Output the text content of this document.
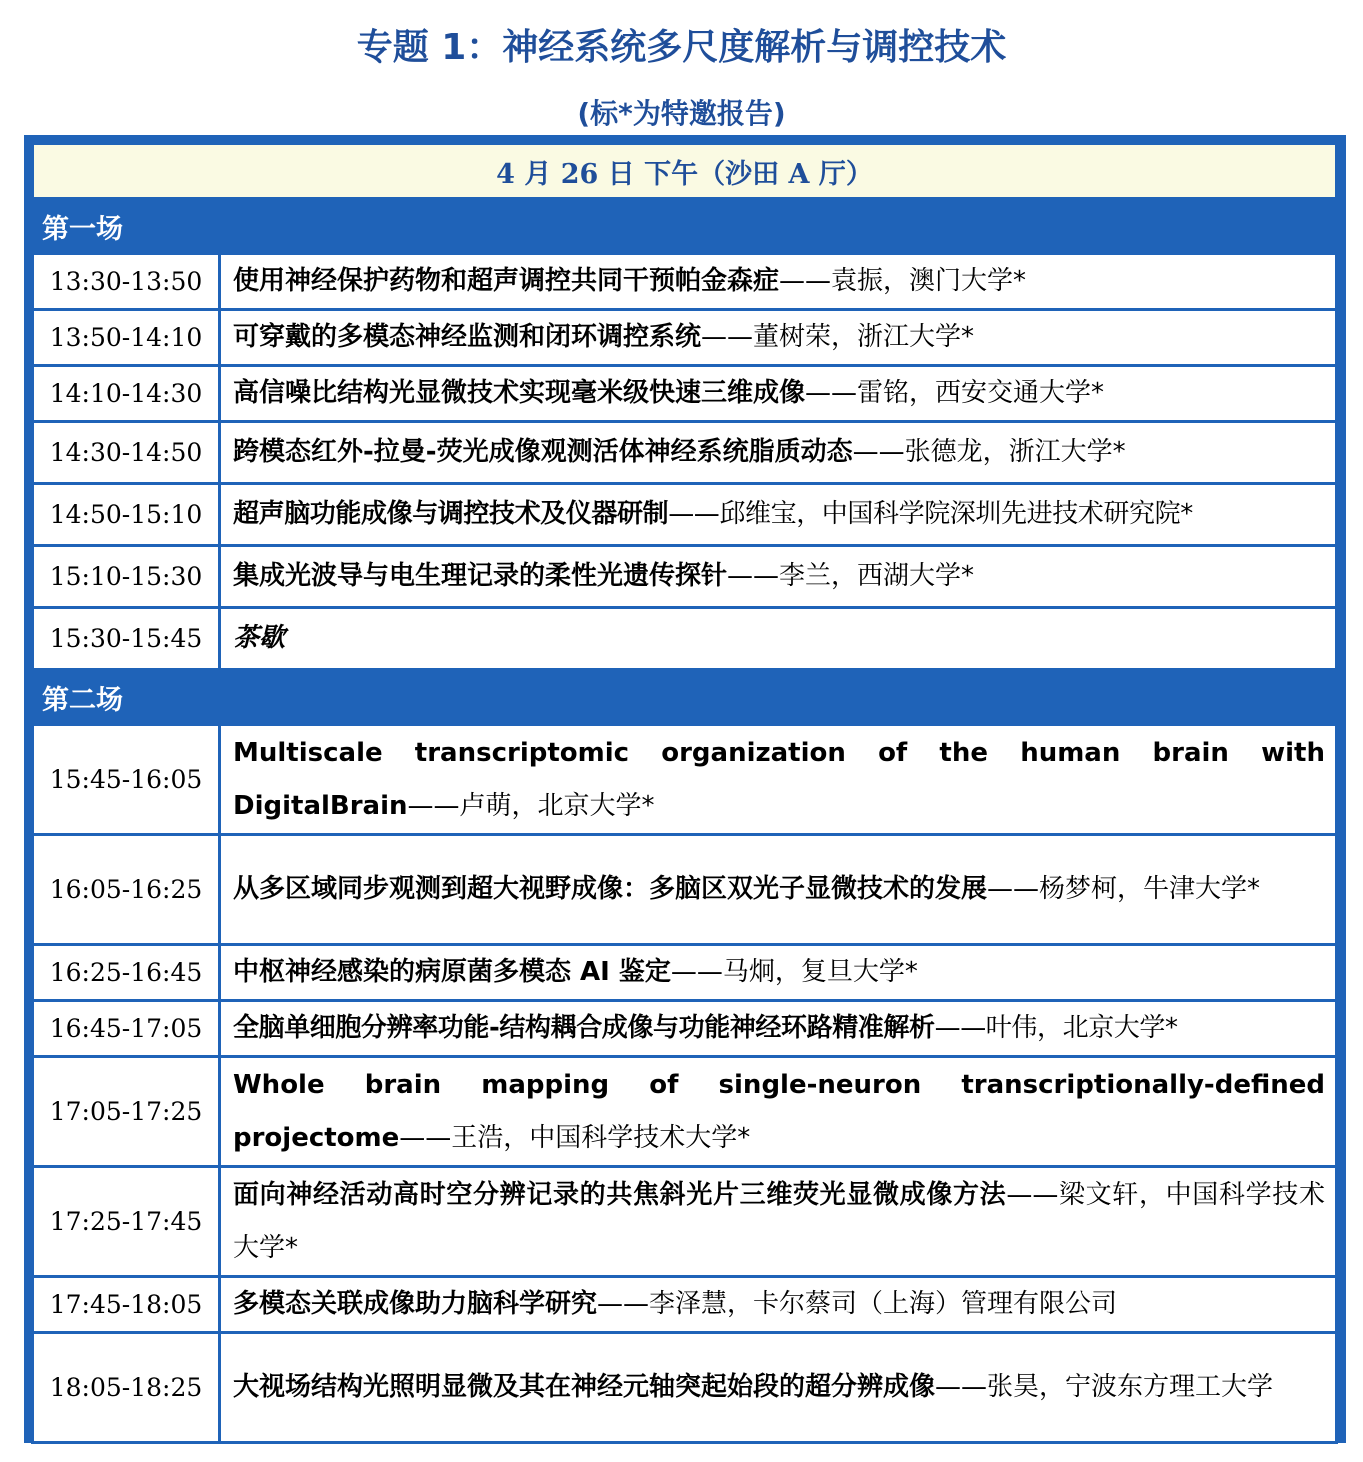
专题 1：神经系统多尺度解析与调控技术
(标*为特邀报告)
4 月 26 日 下午（沙田 A 厅）	
第一场	
13:30-13:50	使用神经保护药物和超声调控共同干预帕金森症——袁振，澳门大学*
13:50-14:10	可穿戴的多模态神经监测和闭环调控系统——董树荣，浙江大学*
14:10-14:30	高信噪比结构光显微技术实现毫米级快速三维成像——雷铭，西安交通大学*
14:30-14:50	跨模态红外-拉曼-荧光成像观测活体神经系统脂质动态——张德龙，浙江大学*
14:50-15:10	超声脑功能成像与调控技术及仪器研制——邱维宝，中国科学院深圳先进技术研究院*
15:10-15:30	集成光波导与电生理记录的柔性光遗传探针——李兰，西湖大学*
15:30-15:45	茶歇
第二场	
15:45-16:05	Multiscale transcriptomic organization of the human brain with DigitalBrain——卢萌，北京大学*
16:05-16:25	从多区域同步观测到超大视野成像：多脑区双光子显微技术的发展——杨梦柯，牛津大学*
16:25-16:45	中枢神经感染的病原菌多模态 AI 鉴定——马炯，复旦大学*
16:45-17:05	全脑单细胞分辨率功能-结构耦合成像与功能神经环路精准解析——叶伟，北京大学*
17:05-17:25	Whole brain mapping of single-neuron transcriptionally-defined projectome——王浩，中国科学技术大学*
17:25-17:45	面向神经活动高时空分辨记录的共焦斜光片三维荧光显微成像方法——梁文轩，中国科学技术大学*
17:45-18:05	多模态关联成像助力脑科学研究——李泽慧，卡尔蔡司（上海）管理有限公司
18:05-18:25	大视场结构光照明显微及其在神经元轴突起始段的超分辨成像——张昊，宁波东方理工大学
